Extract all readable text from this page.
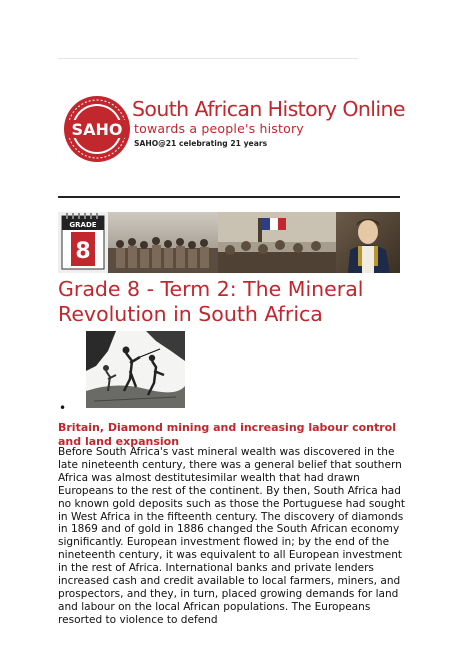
SAHO
South African History Online
towards a people's history
SAHO@21 celebrating 21 years
GRADE
8
Grade 8 - Term 2: The Mineral Revolution in South Africa
•
Britain, Diamond mining and increasing labour control and land expansion
Before South Africa's vast mineral wealth was discovered in the late nineteenth century, there was a general belief that southern Africa was almost destitutesimilar wealth that had drawn Europeans to the rest of the continent. By then, South Africa had no known gold deposits such as those the Portuguese had sought in West Africa in the fifteenth century. The discovery of diamonds in 1869 and of gold in 1886 changed the South African economy significantly. European investment flowed in; by the end of the nineteenth century, it was equivalent to all European investment in the rest of Africa. International banks and private lenders increased cash and credit available to local farmers, miners, and prospectors, and they, in turn, placed growing demands for land and labour on the local African populations. The Europeans resorted to violence to defend
